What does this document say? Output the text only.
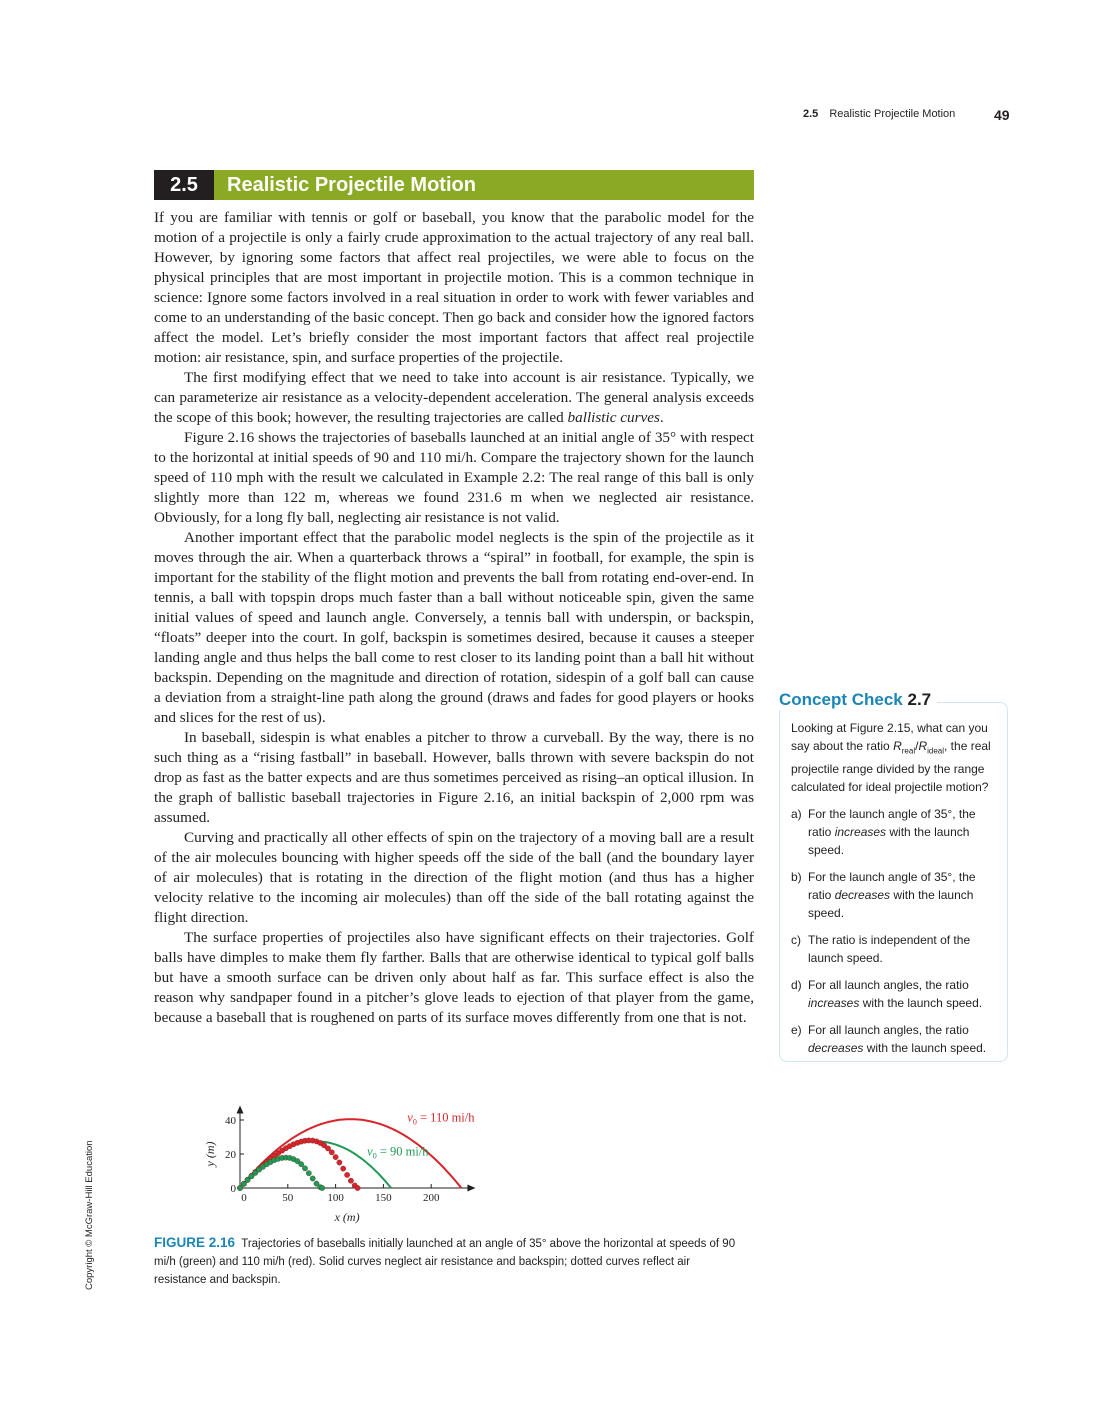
2.5 Realistic Projectile Motion	49
2.5	Realistic Projectile Motion

If you are familiar with tennis or golf or baseball, you know that the parabolic model for the motion of a projectile is only a fairly crude approximation to the actual trajectory of any real ball. However, by ignoring some factors that affect real projectiles, we were able to focus on the physical principles that are most important in projectile motion. This is a common technique in science: Ignore some factors involved in a real situation in order to work with fewer variables and come to an understanding of the basic concept. Then go back and consider how the ignored factors affect the model. Let’s briefly consider the most important factors that affect real projectile motion: air resistance, spin, and surface properties of the projectile.

The first modifying effect that we need to take into account is air resistance. Typically, we can parameterize air resistance as a velocity-dependent acceleration. The general analysis exceeds the scope of this book; however, the resulting trajectories are called ballistic curves.

Figure 2.16 shows the trajectories of baseballs launched at an initial angle of 35° with respect to the horizontal at initial speeds of 90 and 110 mi/h. Compare the trajectory shown for the launch speed of 110 mph with the result we calculated in Example 2.2: The real range of this ball is only slightly more than 122 m, whereas we found 231.6 m when we neglected air resistance. Obviously, for a long fly ball, neglecting air resistance is not valid.

Another important effect that the parabolic model neglects is the spin of the projectile as it moves through the air. When a quarterback throws a “spiral” in football, for example, the spin is important for the stability of the flight motion and prevents the ball from rotating end-over-end. In tennis, a ball with topspin drops much faster than a ball without noticeable spin, given the same initial values of speed and launch angle. Conversely, a tennis ball with underspin, or backspin, “floats” deeper into the court. In golf, backspin is sometimes desired, because it causes a steeper landing angle and thus helps the ball come to rest closer to its landing point than a ball hit without backspin. Depending on the magnitude and direction of rotation, sidespin of a golf ball can cause a deviation from a straight-line path along the ground (draws and fades for good players or hooks and slices for the rest of us).

In baseball, sidespin is what enables a pitcher to throw a curveball. By the way, there is no such thing as a “rising fastball” in baseball. However, balls thrown with severe backspin do not drop as fast as the batter expects and are thus sometimes perceived as rising–an optical illusion. In the graph of ballistic baseball trajectories in Figure 2.16, an initial backspin of 2,000 rpm was assumed.

Curving and practically all other effects of spin on the trajectory of a moving ball are a result of the air molecules bouncing with higher speeds off the side of the ball (and the boundary layer of air molecules) that is rotating in the direction of the flight motion (and thus has a higher velocity relative to the incoming air molecules) than off the side of the ball rotating against the flight direction.

The surface properties of projectiles also have significant effects on their trajectories. Golf balls have dimples to make them fly farther. Balls that are otherwise identical to typical golf balls but have a smooth surface can be driven only about half as far. This surface effect is also the reason why sandpaper found in a pitcher’s glove leads to ejection of that player from the game, because a baseball that is roughened on parts of its surface moves differently from one that is not.

Concept Check 2.7

Looking at Figure 2.15, what can you say about the ratio $R_{real}/R_{ideal}$, the real projectile range divided by the range calculated for ideal projectile motion?

a) For the launch angle of 35°, the ratio increases with the launch speed.
b) For the launch angle of 35°, the ratio decreases with the launch speed.
c) The ratio is independent of the launch speed.
d) For all launch angles, the ratio increases with the launch speed.
e) For all launch angles, the ratio decreases with the launch speed.
Copyright © McGraw-Hill Education	0	50	100	150	200
0
20
40
y (m)
x (m)
$v_0 = 110$ mi/h
$v_0 = 90$ mi/h
FIGURE 2.16 Trajectories of baseballs initially launched at an angle of 35° above the horizontal at speeds of 90 mi/h (green) and 110 mi/h (red). Solid curves neglect air resistance and backspin; dotted curves reflect air resistance and backspin.
